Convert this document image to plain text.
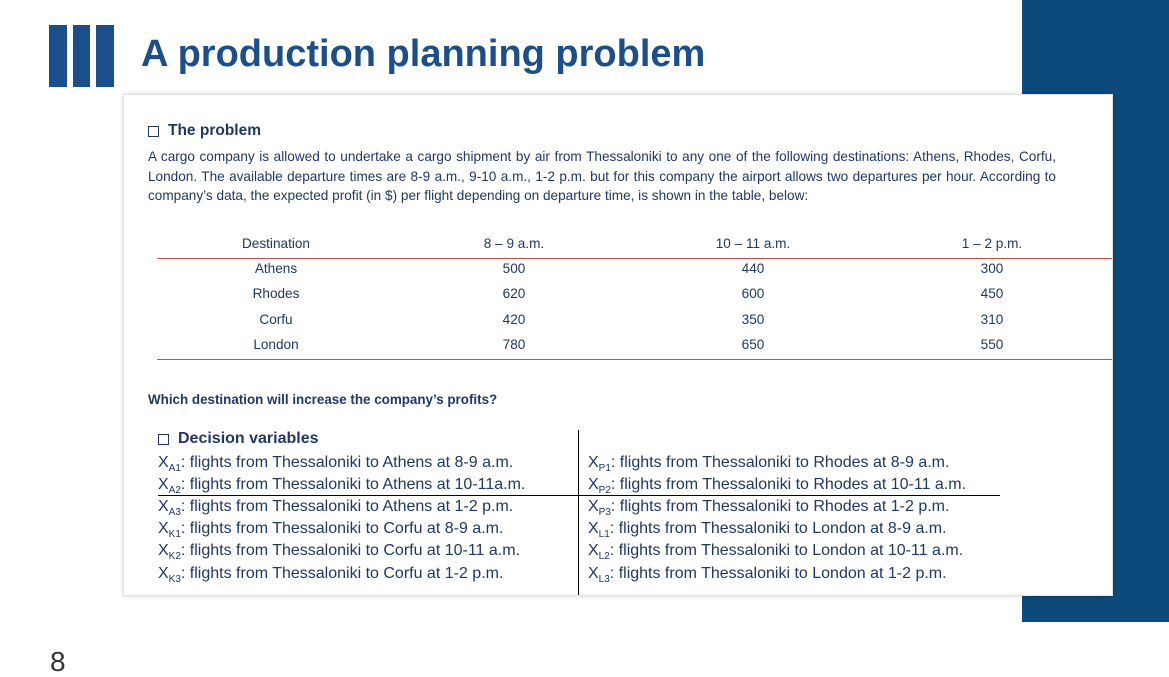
A production planning problem
The problem
A cargo company is allowed to undertake a cargo shipment by air from Thessaloniki to any one of the following destinations: Athens, Rhodes, Corfu, London. The available departure times are 8-9 a.m., 9-10 a.m., 1-2 p.m. but for this company the airport allows two departures per hour. According to company’s data, the expected profit (in $) per flight depending on departure time, is shown in the table, below:
Destination	8 – 9 a.m.	10 – 11 a.m.	1 – 2 p.m.
Athens	500	440	300
Rhodes	620	600	450
Corfu	420	350	310
London	780	650	550
Which destination will increase the company’s profits?
Decision variables
$X_{A1}$: flights from Thessaloniki to Athens at 8-9 a.m.
$X_{A2}$: flights from Thessaloniki to Athens at 10-11a.m.
$X_{A3}$: flights from Thessaloniki to Athens at 1-2 p.m.
$X_{K1}$: flights from Thessaloniki to Corfu at 8-9 a.m.
$X_{K2}$: flights from Thessaloniki to Corfu at 10-11 a.m.
$X_{K3}$: flights from Thessaloniki to Corfu at 1-2 p.m.
$X_{P1}$: flights from Thessaloniki to Rhodes at 8-9 a.m.
$X_{P2}$: flights from Thessaloniki to Rhodes at 10-11 a.m.
$X_{P3}$: flights from Thessaloniki to Rhodes at 1-2 p.m.
$X_{L1}$: flights from Thessaloniki to London at 8-9 a.m.
$X_{L2}$: flights from Thessaloniki to London at 10-11 a.m.
$X_{L3}$: flights from Thessaloniki to London at 1-2 p.m.
8
